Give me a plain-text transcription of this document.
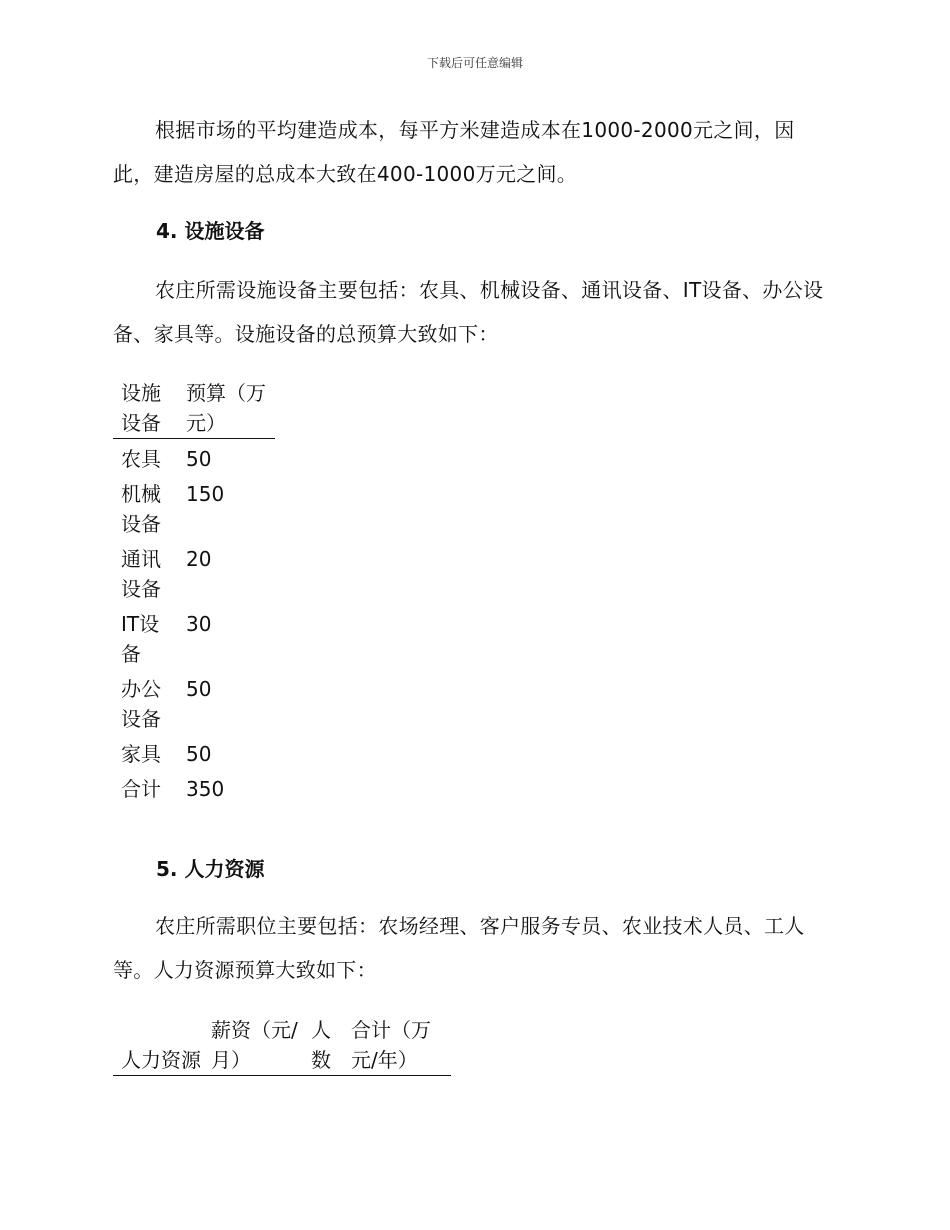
下载后可任意编辑

根据市场的平均建造成本，每平方米建造成本在1000-2000元之间，因此，建造房屋的总成本大致在400-1000万元之间。

4. 设施设备

农庄所需设施设备主要包括：农具、机械设备、通讯设备、IT设备、办公设备、家具等。设施设备的总预算大致如下：

设施设备	预算（万元）
农具	50
机械设备	150
通讯设备	20
IT设备	30
办公设备	50
家具	50
合计	350
5. 人力资源

农庄所需职位主要包括：农场经理、客户服务专员、农业技术人员、工人等。人力资源预算大致如下：

人力资源	薪资（元/月）	人数	合计（万元/年）
